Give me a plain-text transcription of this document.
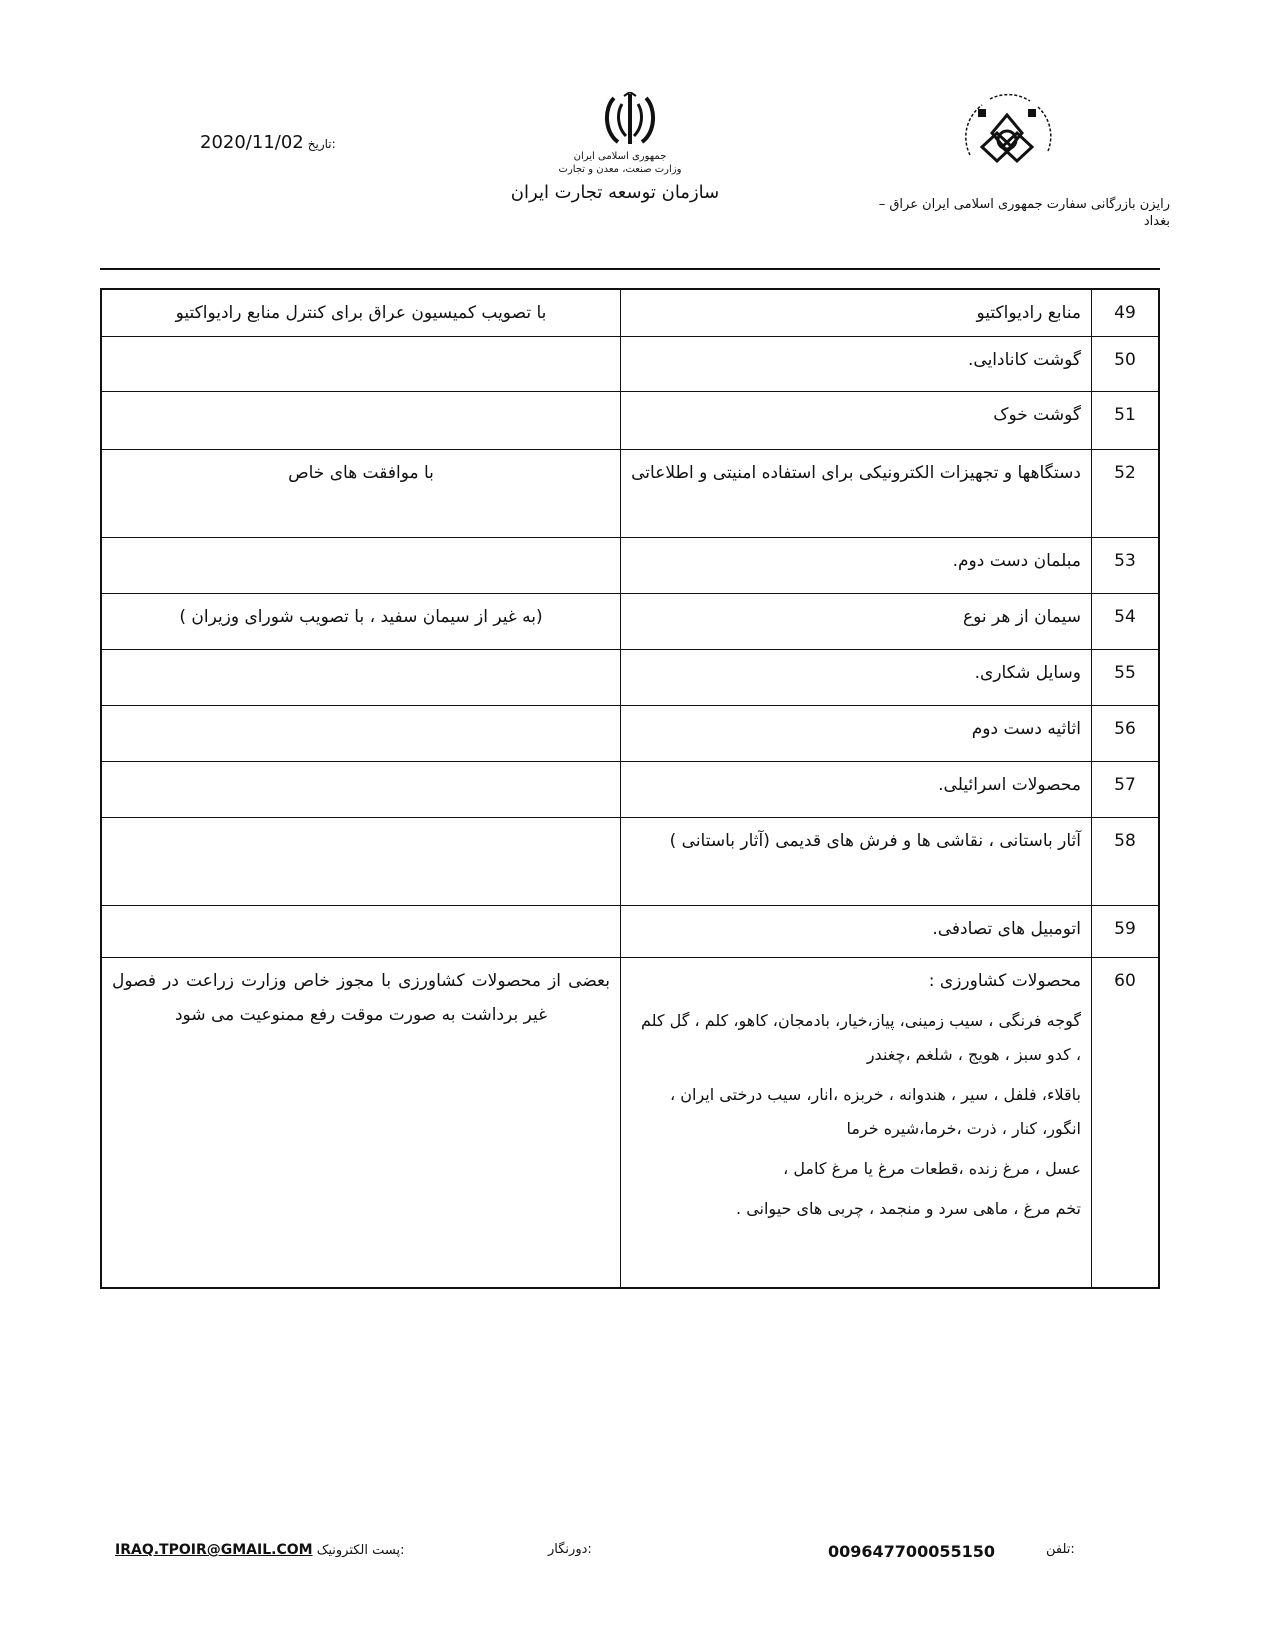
2020/11/02 تاریخ:
جمهوری اسلامی ایران
وزارت صنعت، معدن و تجارت
سازمان توسعه تجارت ایران
رایزن بازرگانی سفارت جمهوری اسلامی ایران عراق –
بغداد
49	منابع رادیواکتیو	با تصویب کمیسیون عراق برای کنترل منابع رادیواکتیو
50	گوشت کانادایی.	
51	گوشت خوک	
52	دستگاهها و تجهیزات الکترونیکی برای استفاده امنیتی و اطلاعاتی	با موافقت های خاص
53	مبلمان دست دوم.	
54	سیمان از هر نوع	(به غیر از سیمان سفید ، با تصویب شورای وزیران )
55	وسایل شکاری.	
56	اثاثیه دست دوم	
57	محصولات اسرائیلی.	
58	آثار باستانی ، نقاشی ها و فرش های قدیمی (آثار باستانی )	
59	اتومبیل های تصادفی.	
60	محصولات کشاورزی :
گوجه فرنگی ، سیب زمینی، پیاز،خیار، بادمجان، کاهو، کلم ، گل کلم ، کدو سبز ، هویج ، شلغم ،چغندر
باقلاء، فلفل ، سیر ، هندوانه ، خربزه ،انار، سیب درختی ایران ، انگور، کنار ، ذرت ،خرما،شیره خرما
عسل ، مرغ زنده ،قطعات مرغ یا مرغ کامل ،
تخم مرغ ، ماهی سرد و منجمد ، چربی های حیوانی .	بعضی از محصولات کشاورزی با مجوز خاص وزارت زراعت در فصول غیر برداشت به صورت موقت رفع ممنوعیت می شود
IRAQ.TPOIR@GMAIL.COM پست الکترونیک:	دورنگار:	009647700055150	تلفن:
